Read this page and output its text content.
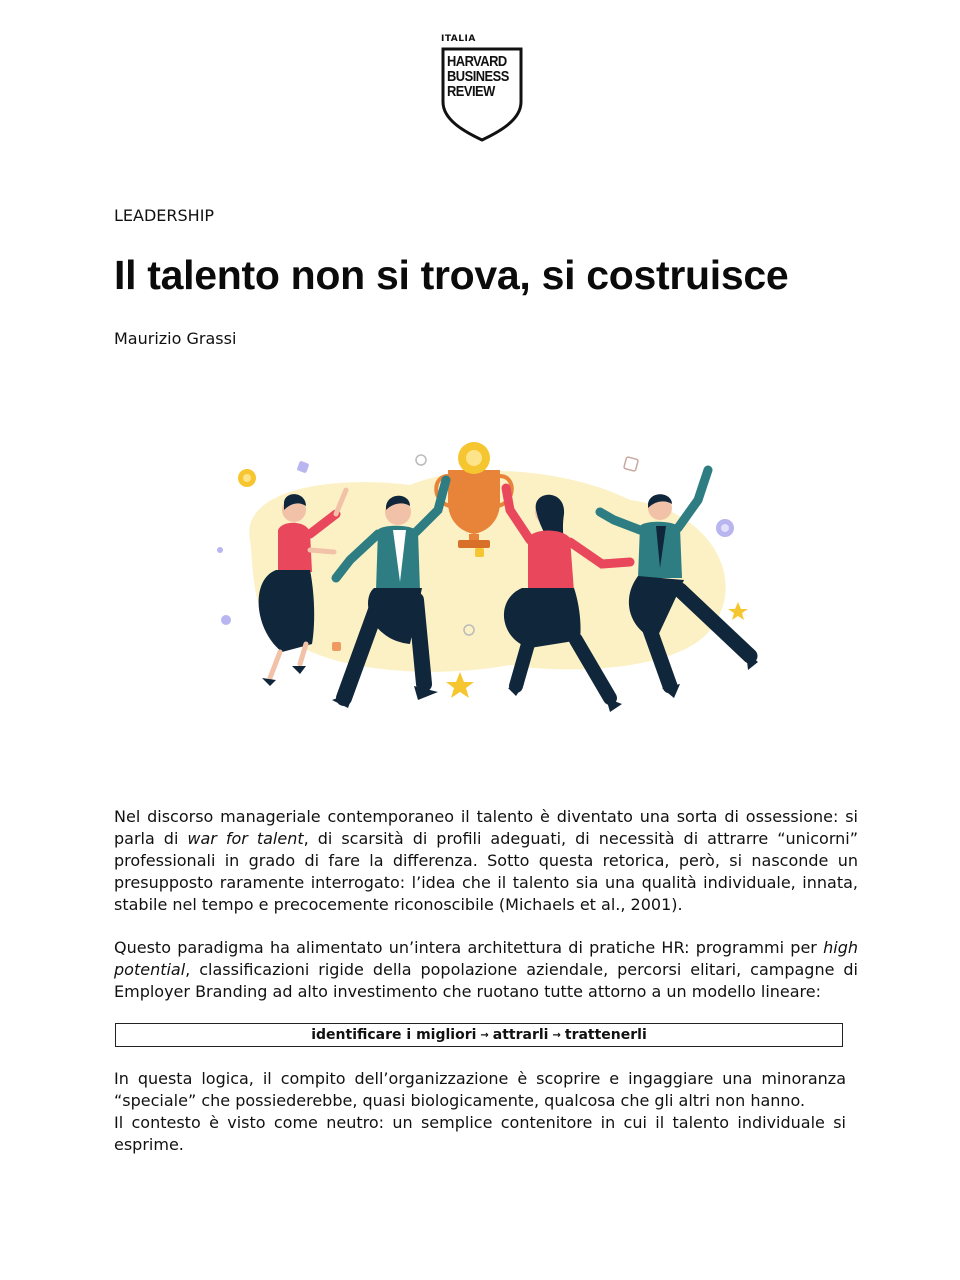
ITALIA
HARVARD
BUSINESS
REVIEW
LEADERSHIP
Il talento non si trova, si costruisce
Maurizio Grassi

Nel discorso manageriale contemporaneo il talento è diventato una sorta di ossessione: si parla di war for talent, di scarsità di profili adeguati, di necessità di attrarre “unicorni” professionali in grado di fare la differenza. Sotto questa retorica, però, si nasconde un presupposto raramente interrogato: l’idea che il talento sia una qualità individuale, innata, stabile nel tempo e precocemente riconoscibile (Michaels et al., 2001).

Questo paradigma ha alimentato un’intera architettura di pratiche HR: programmi per high potential, classificazioni rigide della popolazione aziendale, percorsi elitari, campagne di Employer Branding ad alto investimento che ruotano tutte attorno a un modello lineare:

identificare i migliori → attrarli → trattenerli

In questa logica, il compito dell’organizzazione è scoprire e ingaggiare una minoranza “speciale” che possiederebbe, quasi biologicamente, qualcosa che gli altri non hanno.

Il contesto è visto come neutro: un semplice contenitore in cui il talento individuale si esprime.
